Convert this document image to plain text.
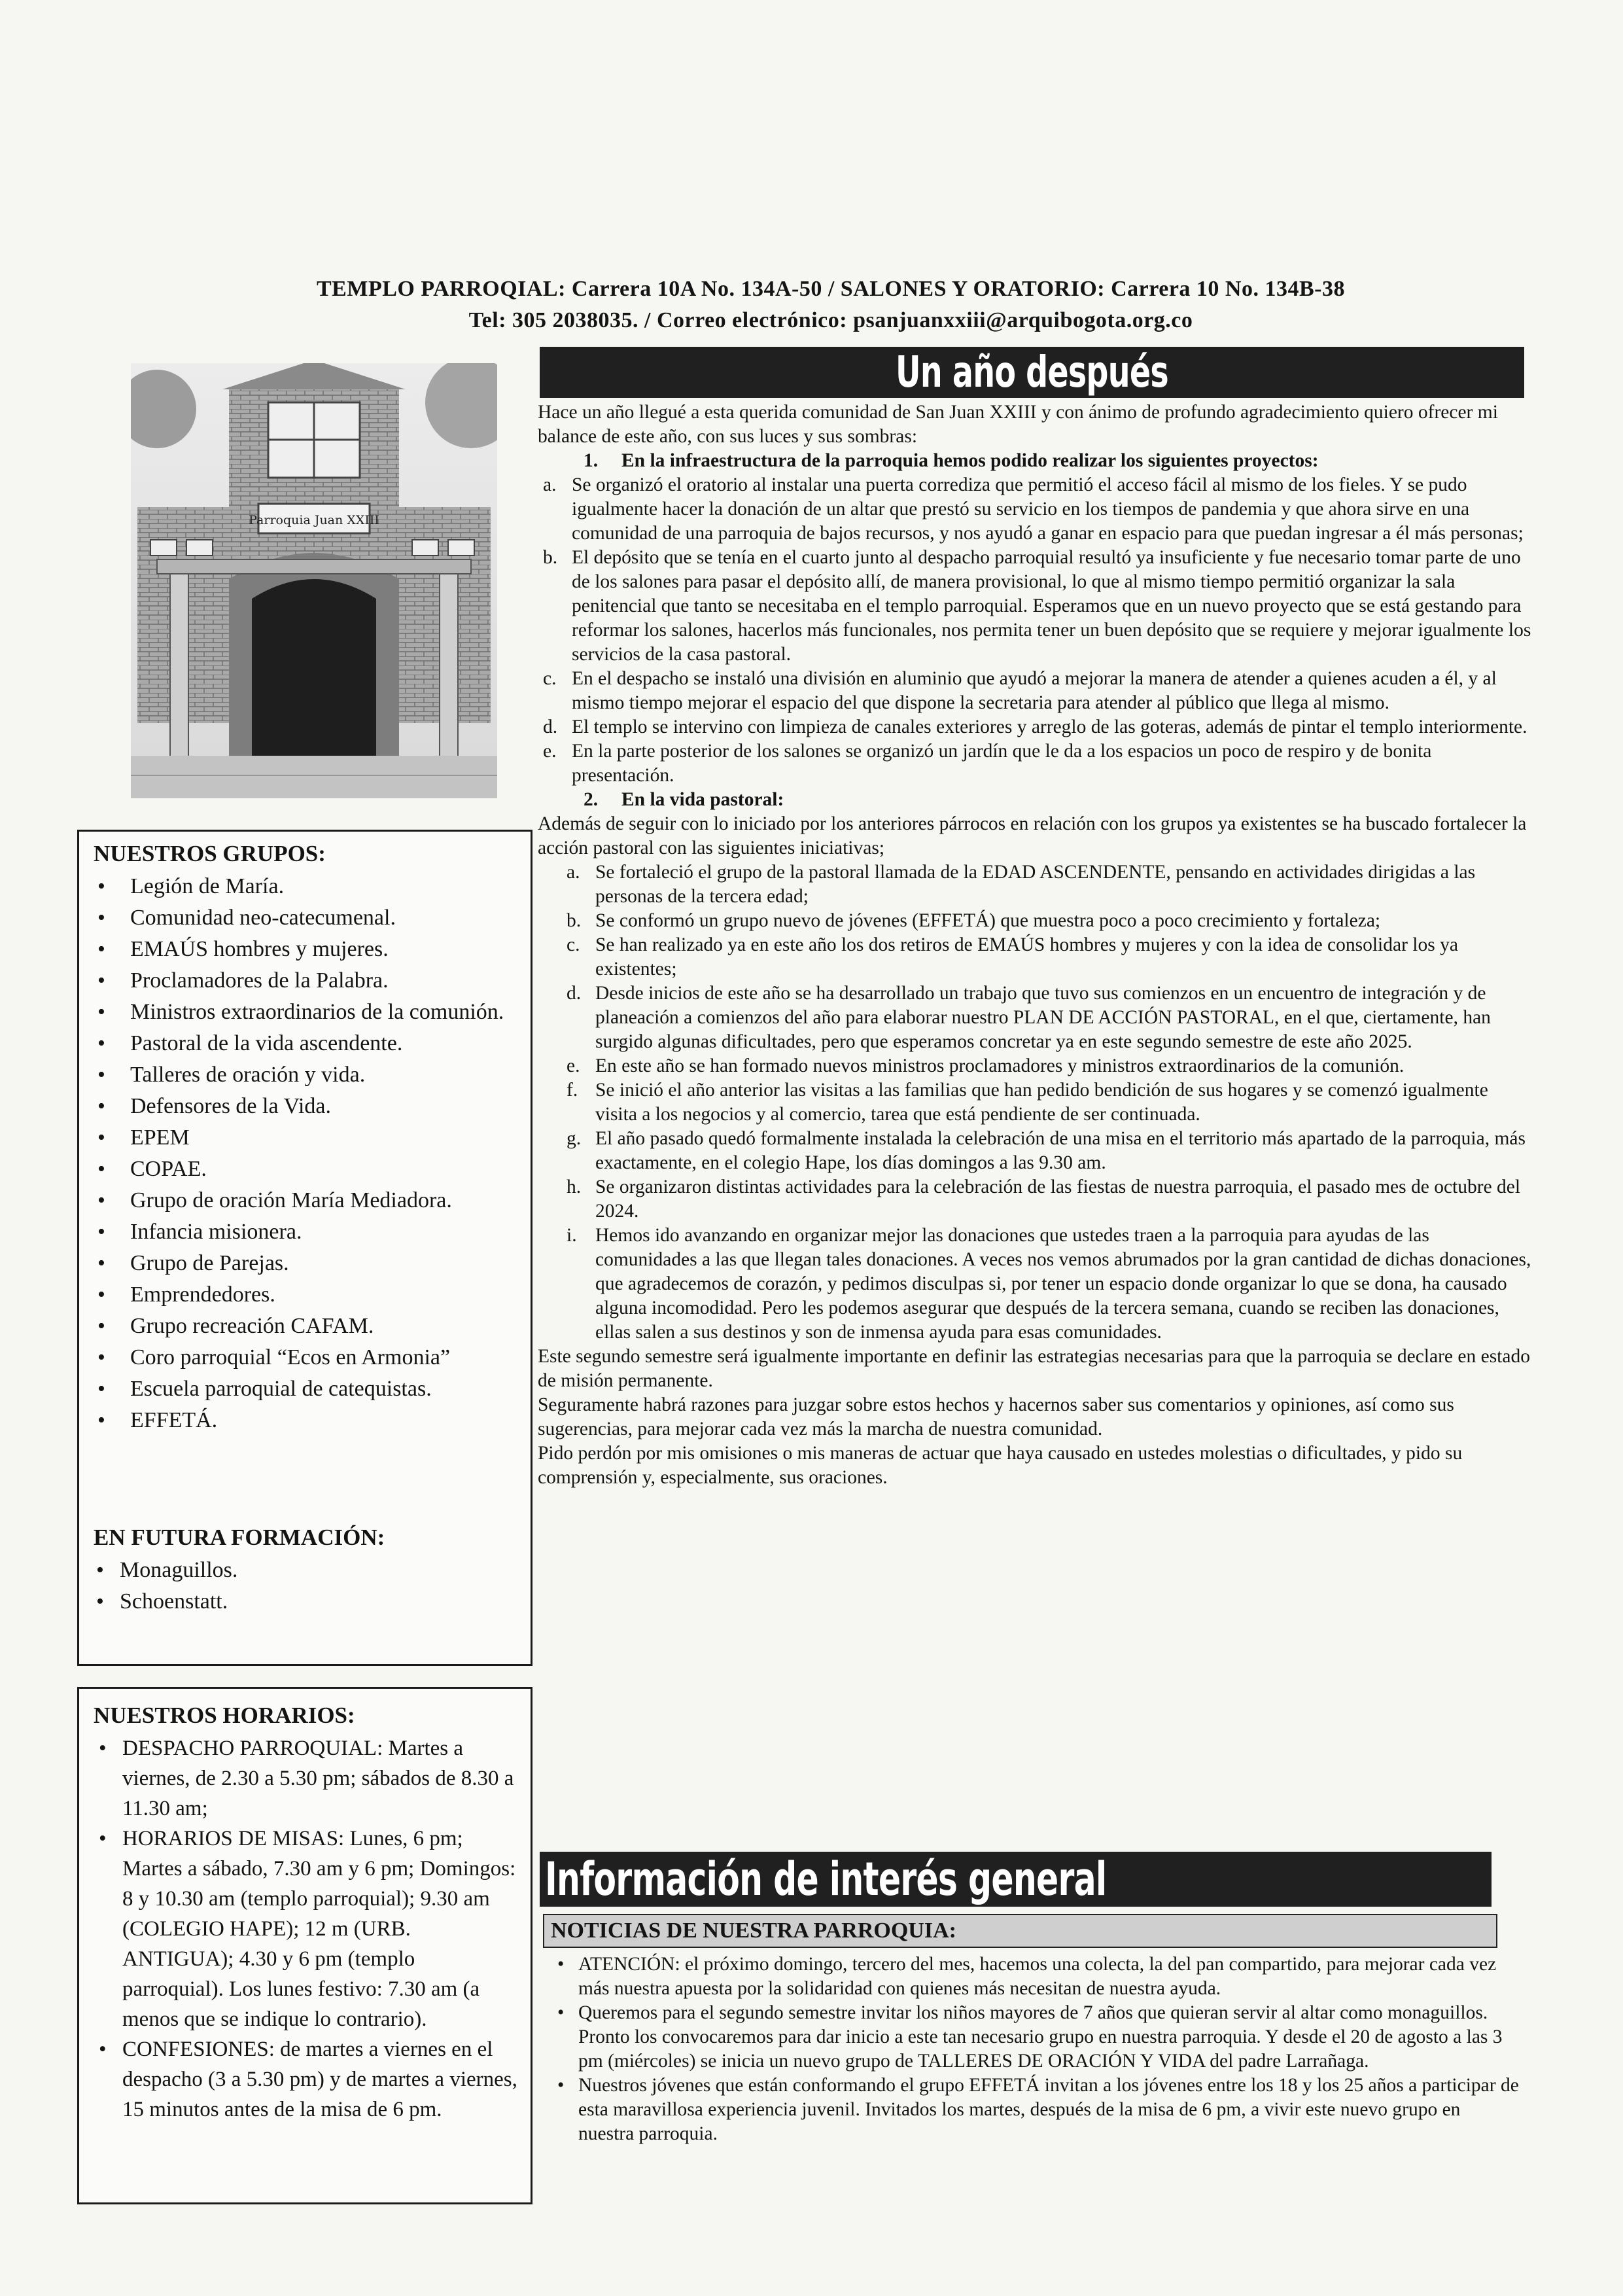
TEMPLO PARROQIAL: Carrera 10A No. 134A-50 / SALONES Y ORATORIO: Carrera 10 No. 134B-38
Tel: 305 2038035. / Correo electrónico: psanjuanxxiii@arquibogota.org.co
Parroquia Juan XXIII
Un año después

Hace un año llegué a esta querida comunidad de San Juan XXIII y con ánimo de profundo agradecimiento quiero ofrecer mi balance de este año, con sus luces y sus sombras:

1. En la infraestructura de la parroquia hemos podido realizar los siguientes proyectos:

a. Se organizó el oratorio al instalar una puerta corrediza que permitió el acceso fácil al mismo de los fieles. Y se pudo igualmente hacer la donación de un altar que prestó su servicio en los tiempos de pandemia y que ahora sirve en una comunidad de una parroquia de bajos recursos, y nos ayudó a ganar en espacio para que puedan ingresar a él más personas;
b. El depósito que se tenía en el cuarto junto al despacho parroquial resultó ya insuficiente y fue necesario tomar parte de uno de los salones para pasar el depósito allí, de manera provisional, lo que al mismo tiempo permitió organizar la sala penitencial que tanto se necesitaba en el templo parroquial. Esperamos que en un nuevo proyecto que se está gestando para reformar los salones, hacerlos más funcionales, nos permita tener un buen depósito que se requiere y mejorar igualmente los servicios de la casa pastoral.
c. En el despacho se instaló una división en aluminio que ayudó a mejorar la manera de atender a quienes acuden a él, y al mismo tiempo mejorar el espacio del que dispone la secretaria para atender al público que llega al mismo.
d. El templo se intervino con limpieza de canales exteriores y arreglo de las goteras, además de pintar el templo interiormente.
e. En la parte posterior de los salones se organizó un jardín que le da a los espacios un poco de respiro y de bonita presentación.

2. En la vida pastoral:

Además de seguir con lo iniciado por los anteriores párrocos en relación con los grupos ya existentes se ha buscado fortalecer la acción pastoral con las siguientes iniciativas;

a. Se fortaleció el grupo de la pastoral llamada de la EDAD ASCENDENTE, pensando en actividades dirigidas a las personas de la tercera edad;
b. Se conformó un grupo nuevo de jóvenes (EFFETÁ) que muestra poco a poco crecimiento y fortaleza;
c. Se han realizado ya en este año los dos retiros de EMAÚS hombres y mujeres y con la idea de consolidar los ya existentes;
d. Desde inicios de este año se ha desarrollado un trabajo que tuvo sus comienzos en un encuentro de integración y de planeación a comienzos del año para elaborar nuestro PLAN DE ACCIÓN PASTORAL, en el que, ciertamente, han surgido algunas dificultades, pero que esperamos concretar ya en este segundo semestre de este año 2025.
e. En este año se han formado nuevos ministros proclamadores y ministros extraordinarios de la comunión.
f. Se inició el año anterior las visitas a las familias que han pedido bendición de sus hogares y se comenzó igualmente visita a los negocios y al comercio, tarea que está pendiente de ser continuada.
g. El año pasado quedó formalmente instalada la celebración de una misa en el territorio más apartado de la parroquia, más exactamente, en el colegio Hape, los días domingos a las 9.30 am.
h. Se organizaron distintas actividades para la celebración de las fiestas de nuestra parroquia, el pasado mes de octubre del 2024.
i. Hemos ido avanzando en organizar mejor las donaciones que ustedes traen a la parroquia para ayudas de las comunidades a las que llegan tales donaciones. A veces nos vemos abrumados por la gran cantidad de dichas donaciones, que agradecemos de corazón, y pedimos disculpas si, por tener un espacio donde organizar lo que se dona, ha causado alguna incomodidad. Pero les podemos asegurar que después de la tercera semana, cuando se reciben las donaciones, ellas salen a sus destinos y son de inmensa ayuda para esas comunidades.

Este segundo semestre será igualmente importante en definir las estrategias necesarias para que la parroquia se declare en estado de misión permanente.

Seguramente habrá razones para juzgar sobre estos hechos y hacernos saber sus comentarios y opiniones, así como sus sugerencias, para mejorar cada vez más la marcha de nuestra comunidad.

Pido perdón por mis omisiones o mis maneras de actuar que haya causado en ustedes molestias o dificultades, y pido su comprensión y, especialmente, sus oraciones.

NUESTROS GRUPOS:
• Legión de María.
• Comunidad neo-catecumenal.
• EMAÚS hombres y mujeres.
• Proclamadores de la Palabra.
• Ministros extraordinarios de la comunión.
• Pastoral de la vida ascendente.
• Talleres de oración y vida.
• Defensores de la Vida.
• EPEM
• COPAE.
• Grupo de oración María Mediadora.
• Infancia misionera.
• Grupo de Parejas.
• Emprendedores.
• Grupo recreación CAFAM.
• Coro parroquial “Ecos en Armonia”
• Escuela parroquial de catequistas.
• EFFETÁ.
EN FUTURA FORMACIÓN:
• Monaguillos.
• Schoenstatt.
NUESTROS HORARIOS:
• DESPACHO PARROQUIAL: Martes a viernes, de 2.30 a 5.30 pm; sábados de 8.30 a 11.30 am;
• HORARIOS DE MISAS: Lunes, 6 pm; Martes a sábado, 7.30 am y 6 pm; Domingos: 8 y 10.30 am (templo parroquial); 9.30 am (COLEGIO HAPE); 12 m (URB. ANTIGUA); 4.30 y 6 pm (templo parroquial). Los lunes festivo: 7.30 am (a menos que se indique lo contrario).
• CONFESIONES: de martes a viernes en el despacho (3 a 5.30 pm) y de martes a viernes, 15 minutos antes de la misa de 6 pm.
Información de interés general
NOTICIAS DE NUESTRA PARROQUIA:
• ATENCIÓN: el próximo domingo, tercero del mes, hacemos una colecta, la del pan compartido, para mejorar cada vez más nuestra apuesta por la solidaridad con quienes más necesitan de nuestra ayuda.
• Queremos para el segundo semestre invitar los niños mayores de 7 años que quieran servir al altar como monaguillos. Pronto los convocaremos para dar inicio a este tan necesario grupo en nuestra parroquia. Y desde el 20 de agosto a las 3 pm (miércoles) se inicia un nuevo grupo de TALLERES DE ORACIÓN Y VIDA del padre Larrañaga.
• Nuestros jóvenes que están conformando el grupo EFFETÁ invitan a los jóvenes entre los 18 y los 25 años a participar de esta maravillosa experiencia juvenil. Invitados los martes, después de la misa de 6 pm, a vivir este nuevo grupo en nuestra parroquia.
